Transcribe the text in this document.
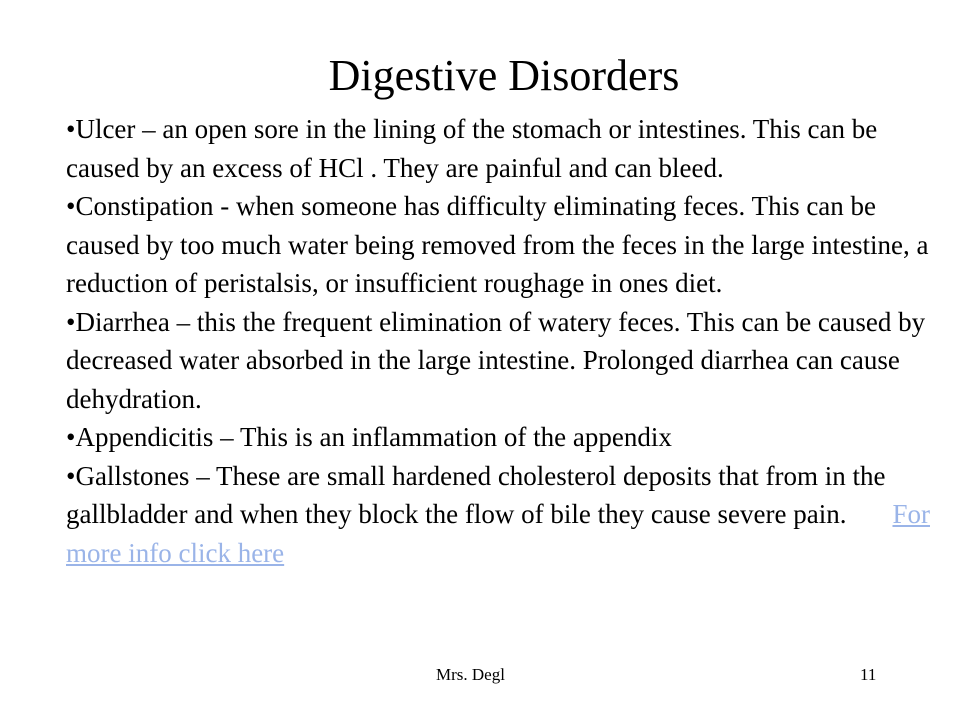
Digestive Disorders

•Ulcer – an open sore in the lining of the stomach or intestines. This can be caused by an excess of HCl . They are painful and can bleed.

•Constipation - when someone has difficulty eliminating feces. This can be caused by too much water being removed from the feces in the large intestine, a reduction of peristalsis, or insufficient roughage in ones diet.

•Diarrhea – this the frequent elimination of watery feces. This can be caused by decreased water absorbed in the large intestine. Prolonged diarrhea can cause dehydration.

•Appendicitis – This is an inflammation of the appendix

•Gallstones – These are small hardened cholesterol deposits that from in the gallbladder and when they block the flow of bile they cause severe pain. For more info click here

Mrs. Degl	11
